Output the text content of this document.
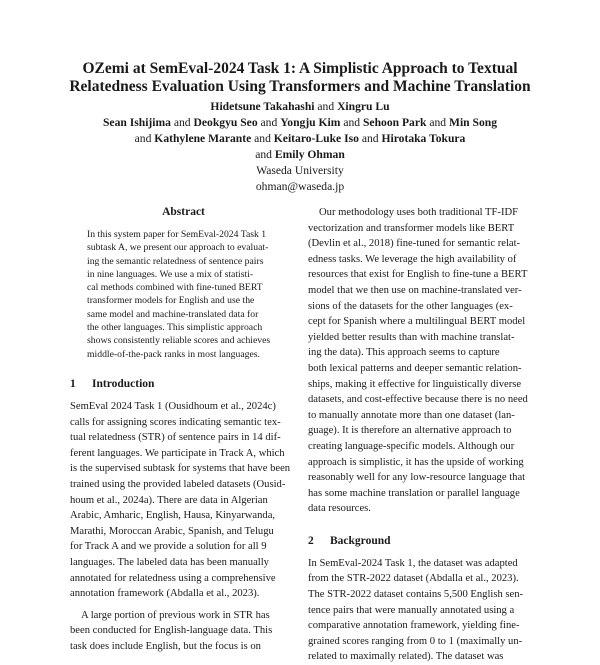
OZemi at SemEval-2024 Task 1: A Simplistic Approach to Textual
Relatedness Evaluation Using Transformers and Machine Translation
Hidetsune Takahashi and Xingru Lu
Sean Ishijima and Deokgyu Seo and Yongju Kim and Sehoon Park and Min Song
and Kathylene Marante and Keitaro-Luke Iso and Hirotaka Tokura
and Emily Ohman
Waseda University
ohman@waseda.jp
Abstract
In this system paper for SemEval-2024 Task 1
subtask A, we present our approach to evaluat-
ing the semantic relatedness of sentence pairs
in nine languages. We use a mix of statisti-
cal methods combined with fine-tuned BERT
transformer models for English and use the
same model and machine-translated data for
the other languages. This simplistic approach
shows consistently reliable scores and achieves
middle-of-the-pack ranks in most languages.
1 Introduction
SemEval 2024 Task 1 (Ousidhoum et al., 2024c)
calls for assigning scores indicating semantic tex-
tual relatedness (STR) of sentence pairs in 14 dif-
ferent languages. We participate in Track A, which
is the supervised subtask for systems that have been
trained using the provided labeled datasets (Ousid-
houm et al., 2024a). There are data in Algerian
Arabic, Amharic, English, Hausa, Kinyarwanda,
Marathi, Moroccan Arabic, Spanish, and Telugu
for Track A and we provide a solution for all 9
languages. The labeled data has been manually
annotated for relatedness using a comprehensive
annotation framework (Abdalla et al., 2023).
A large portion of previous work in STR has
been conducted for English-language data. This
task does include English, but the focus is on
Our methodology uses both traditional TF-IDF
vectorization and transformer models like BERT
(Devlin et al., 2018) fine-tuned for semantic relat-
edness tasks. We leverage the high availability of
resources that exist for English to fine-tune a BERT
model that we then use on machine-translated ver-
sions of the datasets for the other languages (ex-
cept for Spanish where a multilingual BERT model
yielded better results than with machine translat-
ing the data). This approach seems to capture
both lexical patterns and deeper semantic relation-
ships, making it effective for linguistically diverse
datasets, and cost-effective because there is no need
to manually annotate more than one dataset (lan-
guage). It is therefore an alternative approach to
creating language-specific models. Although our
approach is simplistic, it has the upside of working
reasonably well for any low-resource language that
has some machine translation or parallel language
data resources.
2 Background
In SemEval-2024 Task 1, the dataset was adapted
from the STR-2022 dataset (Abdalla et al., 2023).
The STR-2022 dataset contains 5,500 English sen-
tence pairs that were manually annotated using a
comparative annotation framework, yielding fine-
grained scores ranging from 0 to 1 (maximally un-
related to maximally related). The dataset was
